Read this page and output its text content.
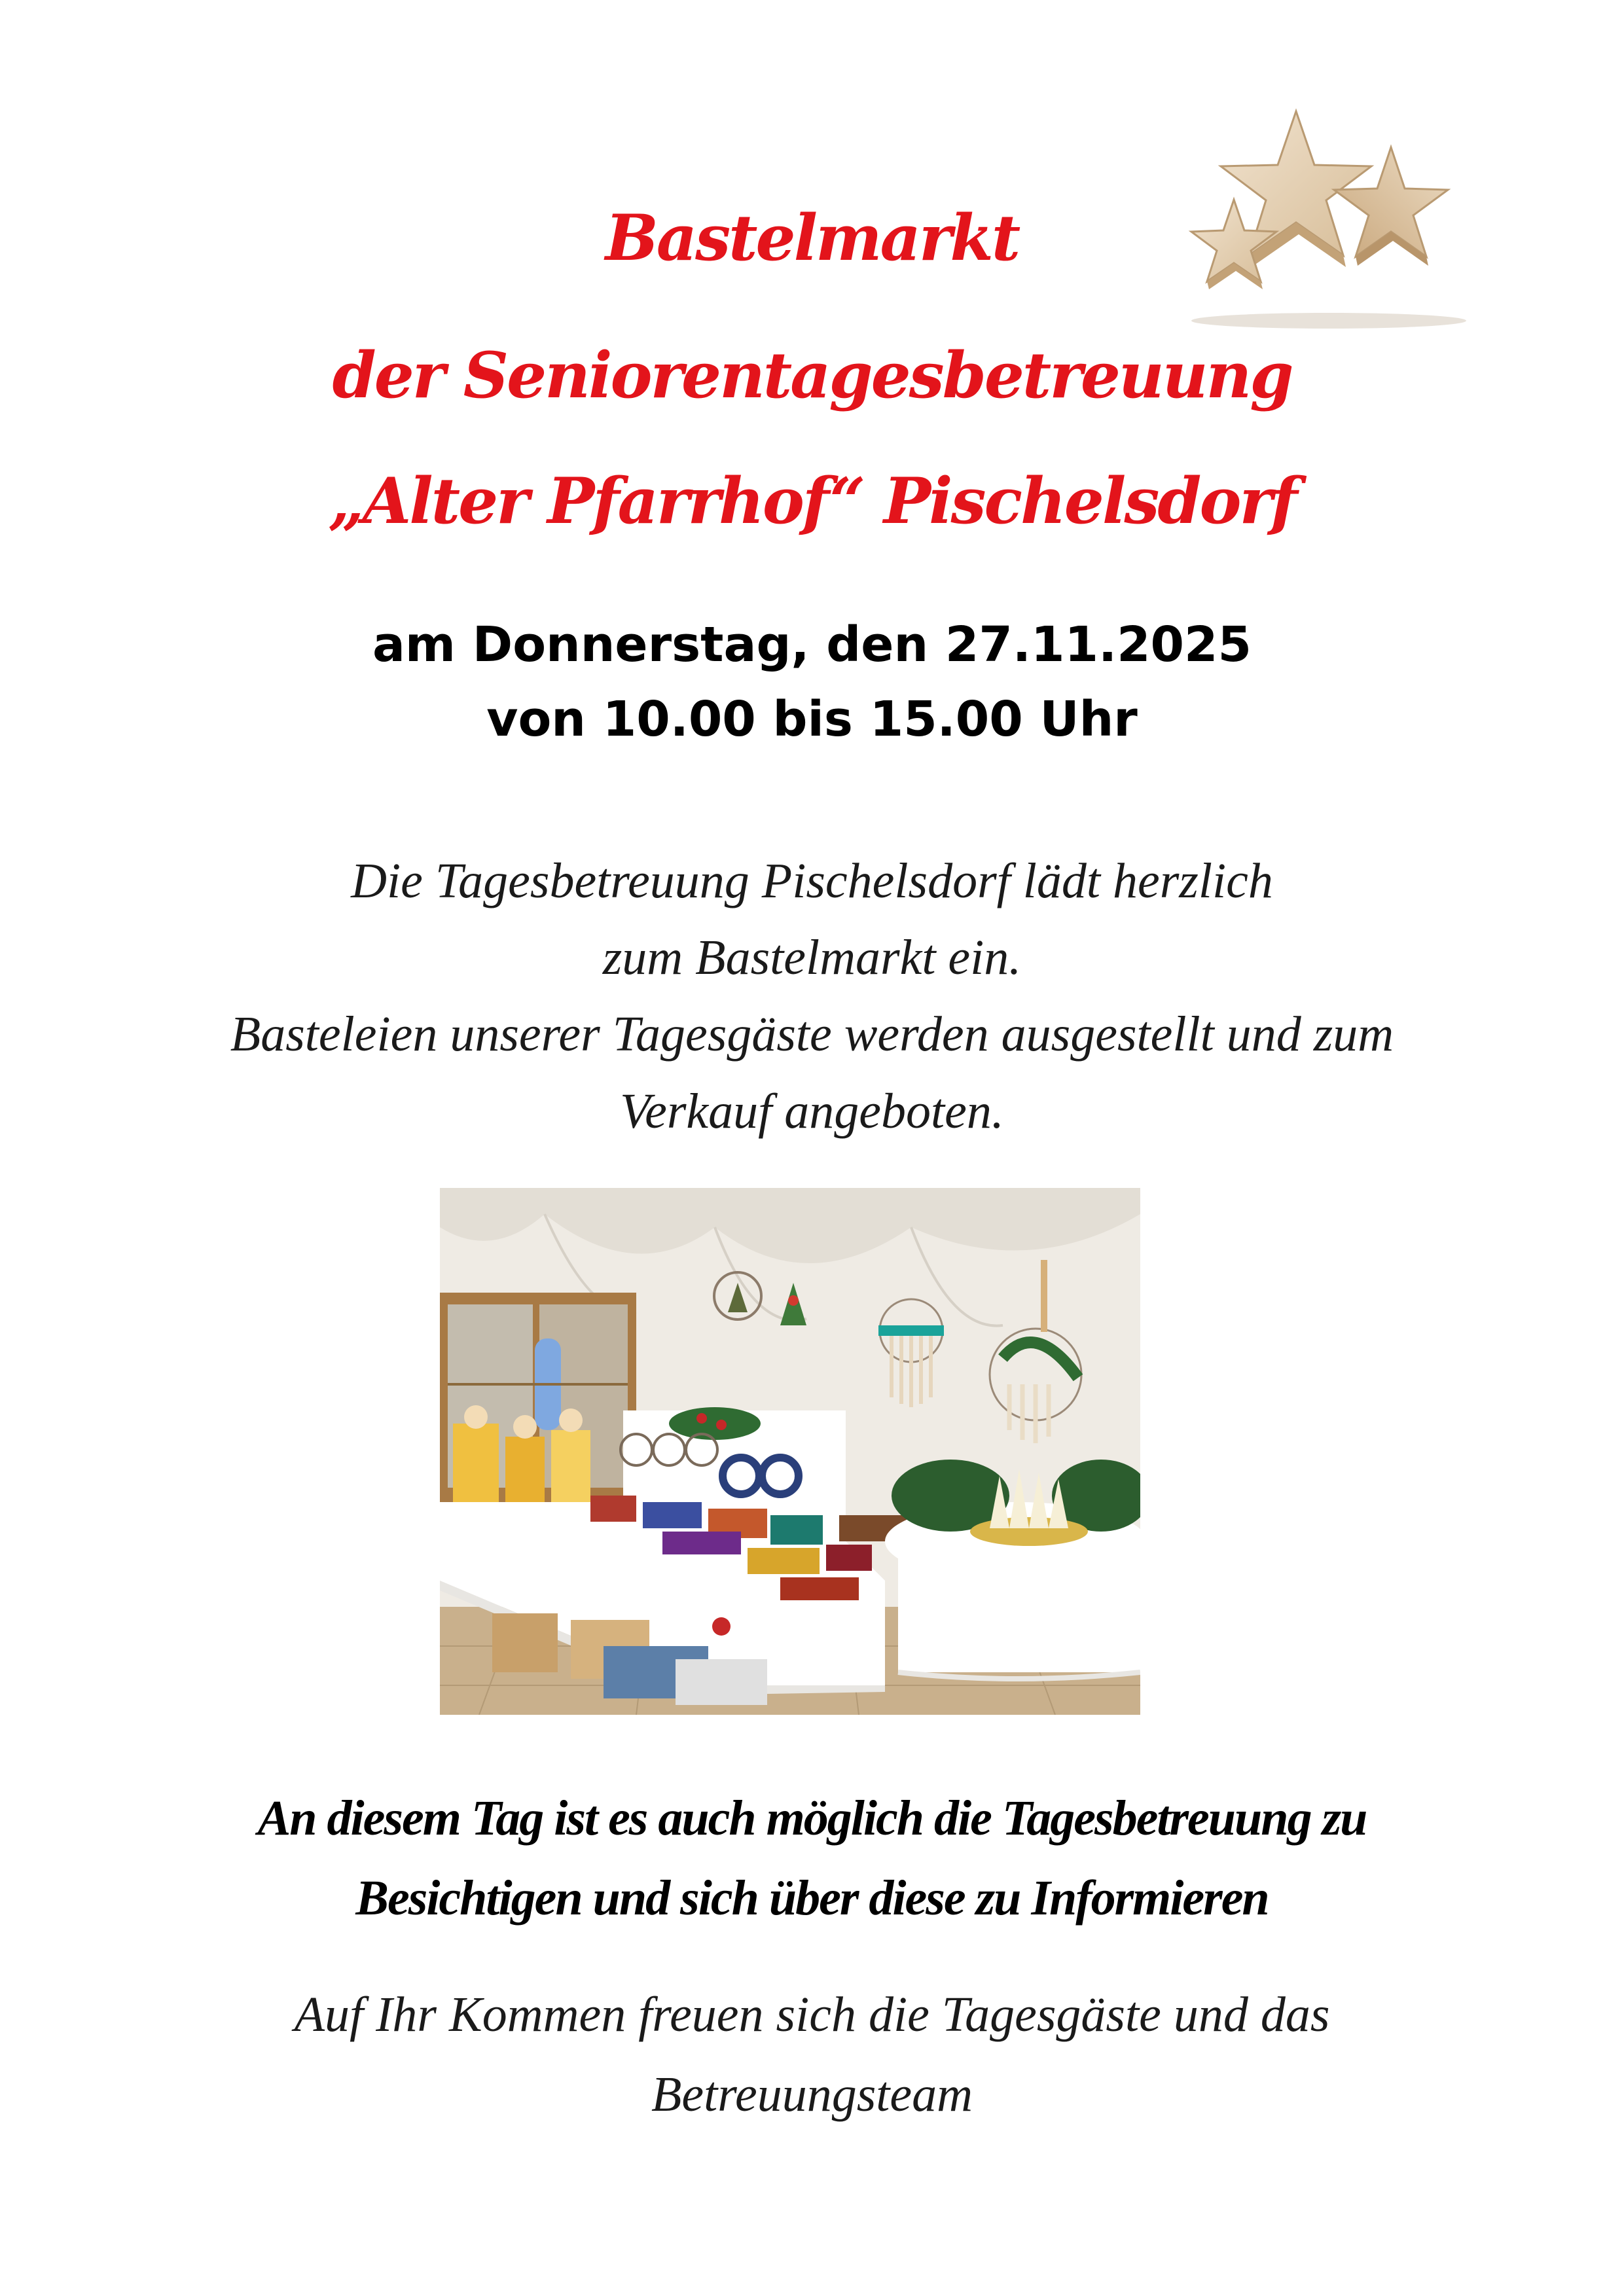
Bastelmarkt
der Seniorentagesbetreuung
„Alter Pfarrhof“ Pischelsdorf
am Donnerstag, den 27.11.2025
von 10.00 bis 15.00 Uhr
Die Tagesbetreuung Pischelsdorf lädt herzlich
zum Bastelmarkt ein.
Basteleien unserer Tagesgäste werden ausgestellt und zum
Verkauf angeboten.
An diesem Tag ist es auch möglich die Tagesbetreuung zu
Besichtigen und sich über diese zu Informieren
Auf Ihr Kommen freuen sich die Tagesgäste und das
Betreuungsteam
